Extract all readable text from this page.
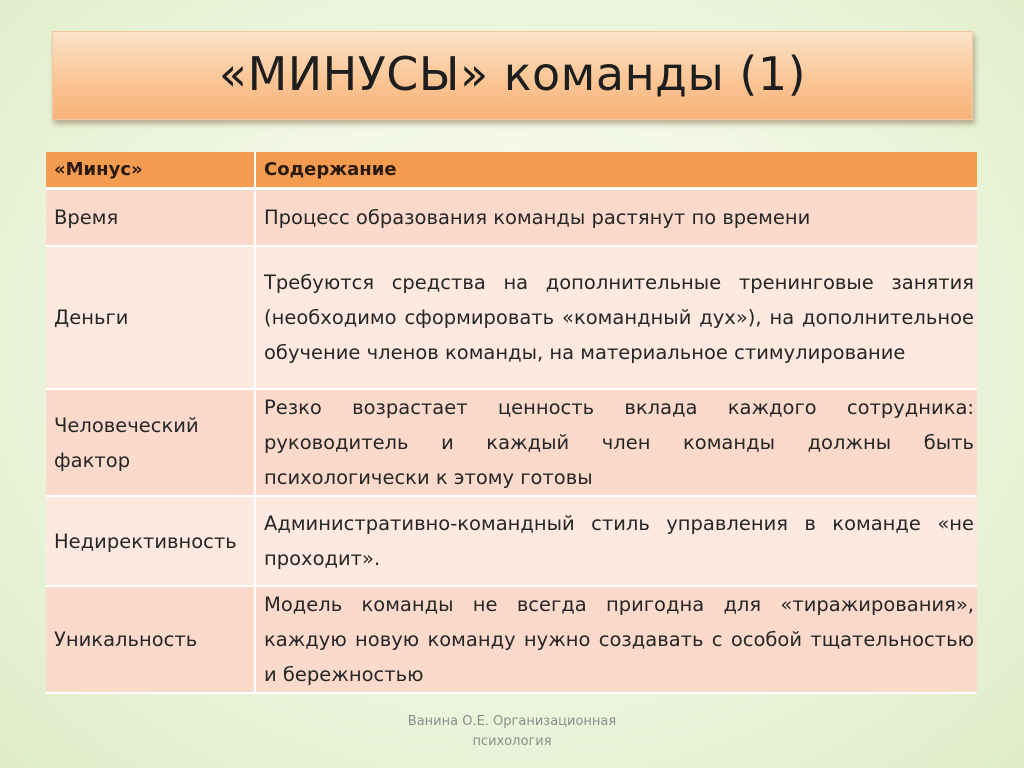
«МИНУСЫ» команды (1)
«Минус»	Содержание
Время	Процесс образования команды растянут по времени
Деньги	Требуются средства на дополнительные тренинговые занятия (необходимо сформировать «командный дух»), на дополнительное обучение членов команды, на материальное стимулирование
Человеческий фактор	Резко возрастает ценность вклада каждого сотрудника: руководитель и каждый член команды должны быть психологически к этому готовы
Недирективность	Административно-командный стиль управления в команде «не проходит».
Уникальность	Модель команды не всегда пригодна для «тиражирования», каждую новую команду нужно создавать с особой тщательностью и бережностью
Ванина О.Е. Организационная
психология
